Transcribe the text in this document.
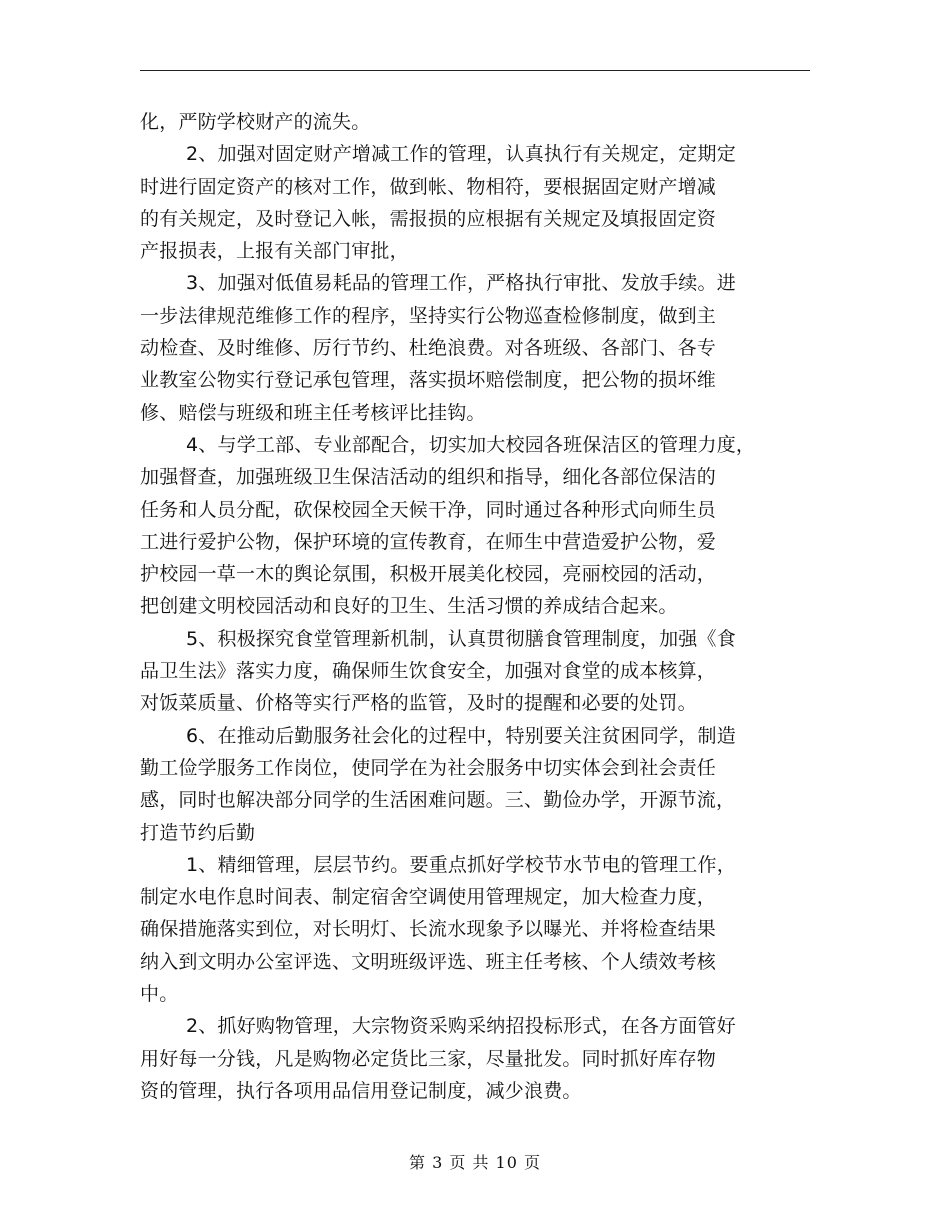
化，严防学校财产的流失。
2、加强对固定财产增减工作的管理，认真执行有关规定，定期定
时进行固定资产的核对工作，做到帐、物相符，要根据固定财产增减
的有关规定，及时登记入帐，需报损的应根据有关规定及填报固定资
产报损表，上报有关部门审批，
3、加强对低值易耗品的管理工作，严格执行审批、发放手续。进
一步法律规范维修工作的程序，坚持实行公物巡查检修制度，做到主
动检查、及时维修、厉行节约、杜绝浪费。对各班级、各部门、各专
业教室公物实行登记承包管理，落实损坏赔偿制度，把公物的损坏维
修、赔偿与班级和班主任考核评比挂钩。
4、与学工部、专业部配合，切实加大校园各班保洁区的管理力度，
加强督查，加强班级卫生保洁活动的组织和指导，细化各部位保洁的
任务和人员分配，砍保校园全天候干净，同时通过各种形式向师生员
工进行爱护公物，保护环境的宣传教育，在师生中营造爱护公物，爱
护校园一草一木的舆论氛围，积极开展美化校园，亮丽校园的活动，
把创建文明校园活动和良好的卫生、生活习惯的养成结合起来。
5、积极探究食堂管理新机制，认真贯彻膳食管理制度，加强《食
品卫生法》落实力度，确保师生饮食安全，加强对食堂的成本核算，
对饭菜质量、价格等实行严格的监管，及时的提醒和必要的处罚。
6、在推动后勤服务社会化的过程中，特别要关注贫困同学，制造
勤工俭学服务工作岗位，使同学在为社会服务中切实体会到社会责任
感，同时也解决部分同学的生活困难问题。三、勤俭办学，开源节流，
打造节约后勤
1、精细管理，层层节约。要重点抓好学校节水节电的管理工作，
制定水电作息时间表、制定宿舍空调使用管理规定，加大检查力度，
确保措施落实到位，对长明灯、长流水现象予以曝光、并将检查结果
纳入到文明办公室评选、文明班级评选、班主任考核、个人绩效考核
中。
2、抓好购物管理，大宗物资采购采纳招投标形式，在各方面管好
用好每一分钱，凡是购物必定货比三家，尽量批发。同时抓好库存物
资的管理，执行各项用品信用登记制度，减少浪费。
第 3 页 共 10 页
